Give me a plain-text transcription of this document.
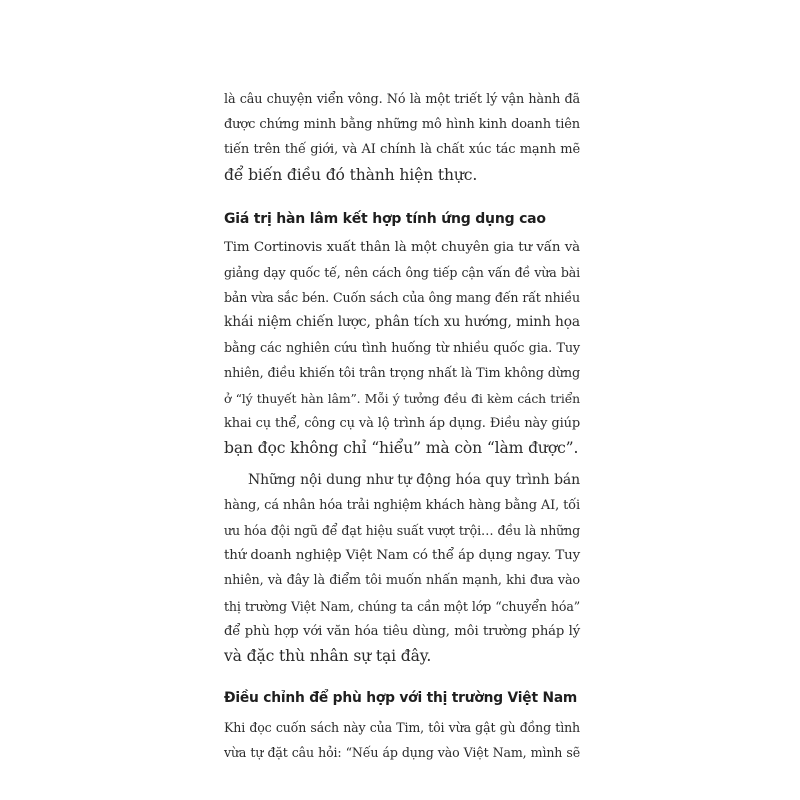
là câu chuyện viển vông. Nó là một triết lý vận hành đã
được chứng minh bằng những mô hình kinh doanh tiên
tiến trên thế giới, và AI chính là chất xúc tác mạnh mẽ
để biến điều đó thành hiện thực.

Giá trị hàn lâm kết hợp tính ứng dụng cao

Tim Cortinovis xuất thân là một chuyên gia tư vấn và
giảng dạy quốc tế, nên cách ông tiếp cận vấn đề vừa bài
bản vừa sắc bén. Cuốn sách của ông mang đến rất nhiều
khái niệm chiến lược, phân tích xu hướng, minh họa
bằng các nghiên cứu tình huống từ nhiều quốc gia. Tuy
nhiên, điều khiến tôi trân trọng nhất là Tim không dừng
ở “lý thuyết hàn lâm”. Mỗi ý tưởng đều đi kèm cách triển
khai cụ thể, công cụ và lộ trình áp dụng. Điều này giúp
bạn đọc không chỉ “hiểu” mà còn “làm được”.

Những nội dung như tự động hóa quy trình bán
hàng, cá nhân hóa trải nghiệm khách hàng bằng AI, tối
ưu hóa đội ngũ để đạt hiệu suất vượt trội… đều là những
thứ doanh nghiệp Việt Nam có thể áp dụng ngay. Tuy
nhiên, và đây là điểm tôi muốn nhấn mạnh, khi đưa vào
thị trường Việt Nam, chúng ta cần một lớp “chuyển hóa”
để phù hợp với văn hóa tiêu dùng, môi trường pháp lý
và đặc thù nhân sự tại đây.

Điều chỉnh để phù hợp với thị trường Việt Nam

Khi đọc cuốn sách này của Tim, tôi vừa gật gù đồng tình
vừa tự đặt câu hỏi: “Nếu áp dụng vào Việt Nam, mình sẽ
